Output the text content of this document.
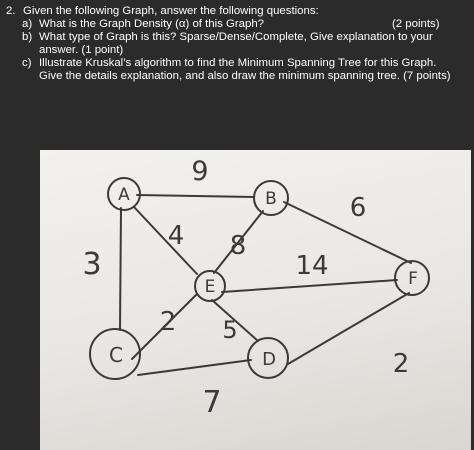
2. Given the following Graph, answer the following questions:
a) What is the Graph Density (α) of this Graph?	(2 points)
b) What type of Graph is this? Sparse/Dense/Complete, Give explanation to your answer. (1 point)
c) Illustrate Kruskal’s algorithm to find the Minimum Spanning Tree for this Graph. Give the details explanation, and also draw the minimum spanning tree. (7 points)
A	B
C	D
E	F
9
3
4 8
6
14
2 5
7
2
